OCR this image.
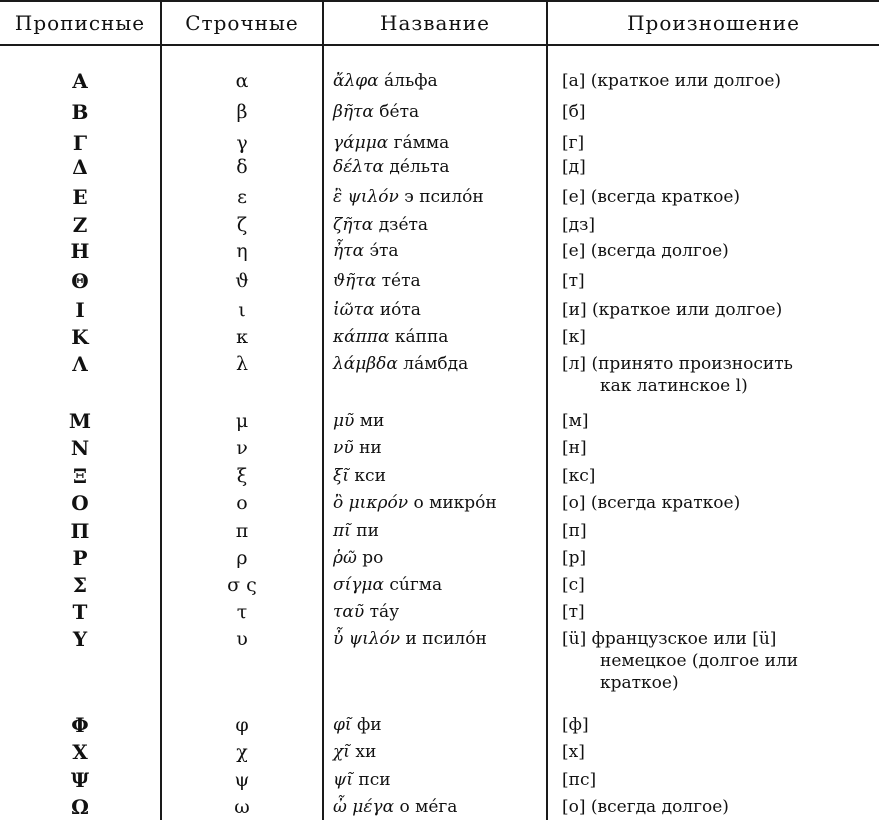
Прописные	Строчные	Название	Произношение
Α	α	ἄλφα áльфа	[a] (краткое или долгое)
Β	β	βῆτα бéта	[б]
Γ	γ	γάμμα гáмма	[г]
Δ	δ	δέλτα дéльта	[д]
Ε	ε	ἒ ψιλόν э псилóн	[е] (всегда краткое)
Ζ	ζ	ζῆτα дзéта	[дз]
Η	η	ἦτα э́та	[е] (всегда долгое)
Θ	ϑ	ϑῆτα тéта	[т]
Ι	ι	ἰῶτα иóта	[и] (краткое или долгое)
Κ	κ	κάππα кáппа	[к]
Λ	λ	λάμβδα лáмбда	[л] (принято произносить
как латинское l)
Μ	μ	μῦ ми	[м]
Ν	ν	νῦ ни	[н]
Ξ	ξ	ξῖ кси	[кс]
Ο	ο	ὂ μικρόν о микрóн	[о] (всегда краткое)
Π	π	πῖ пи	[п]
Ρ	ρ	ῥῶ ро	[р]
Σ	σ ς	σίγμα сúгма	[с]
Τ	τ	ταῦ тáу	[т]
Υ	υ	ὖ ψιλόν и псилóн	[ü] французское или [ü]
немецкое (долгое или
краткое)
Φ	φ	φῖ фи	[ф]
Χ	χ	χῖ хи	[х]
Ψ	ψ	ψῖ пси	[пс]
Ω	ω	ὦ μέγα о мéга	[о] (всегда долгое)
